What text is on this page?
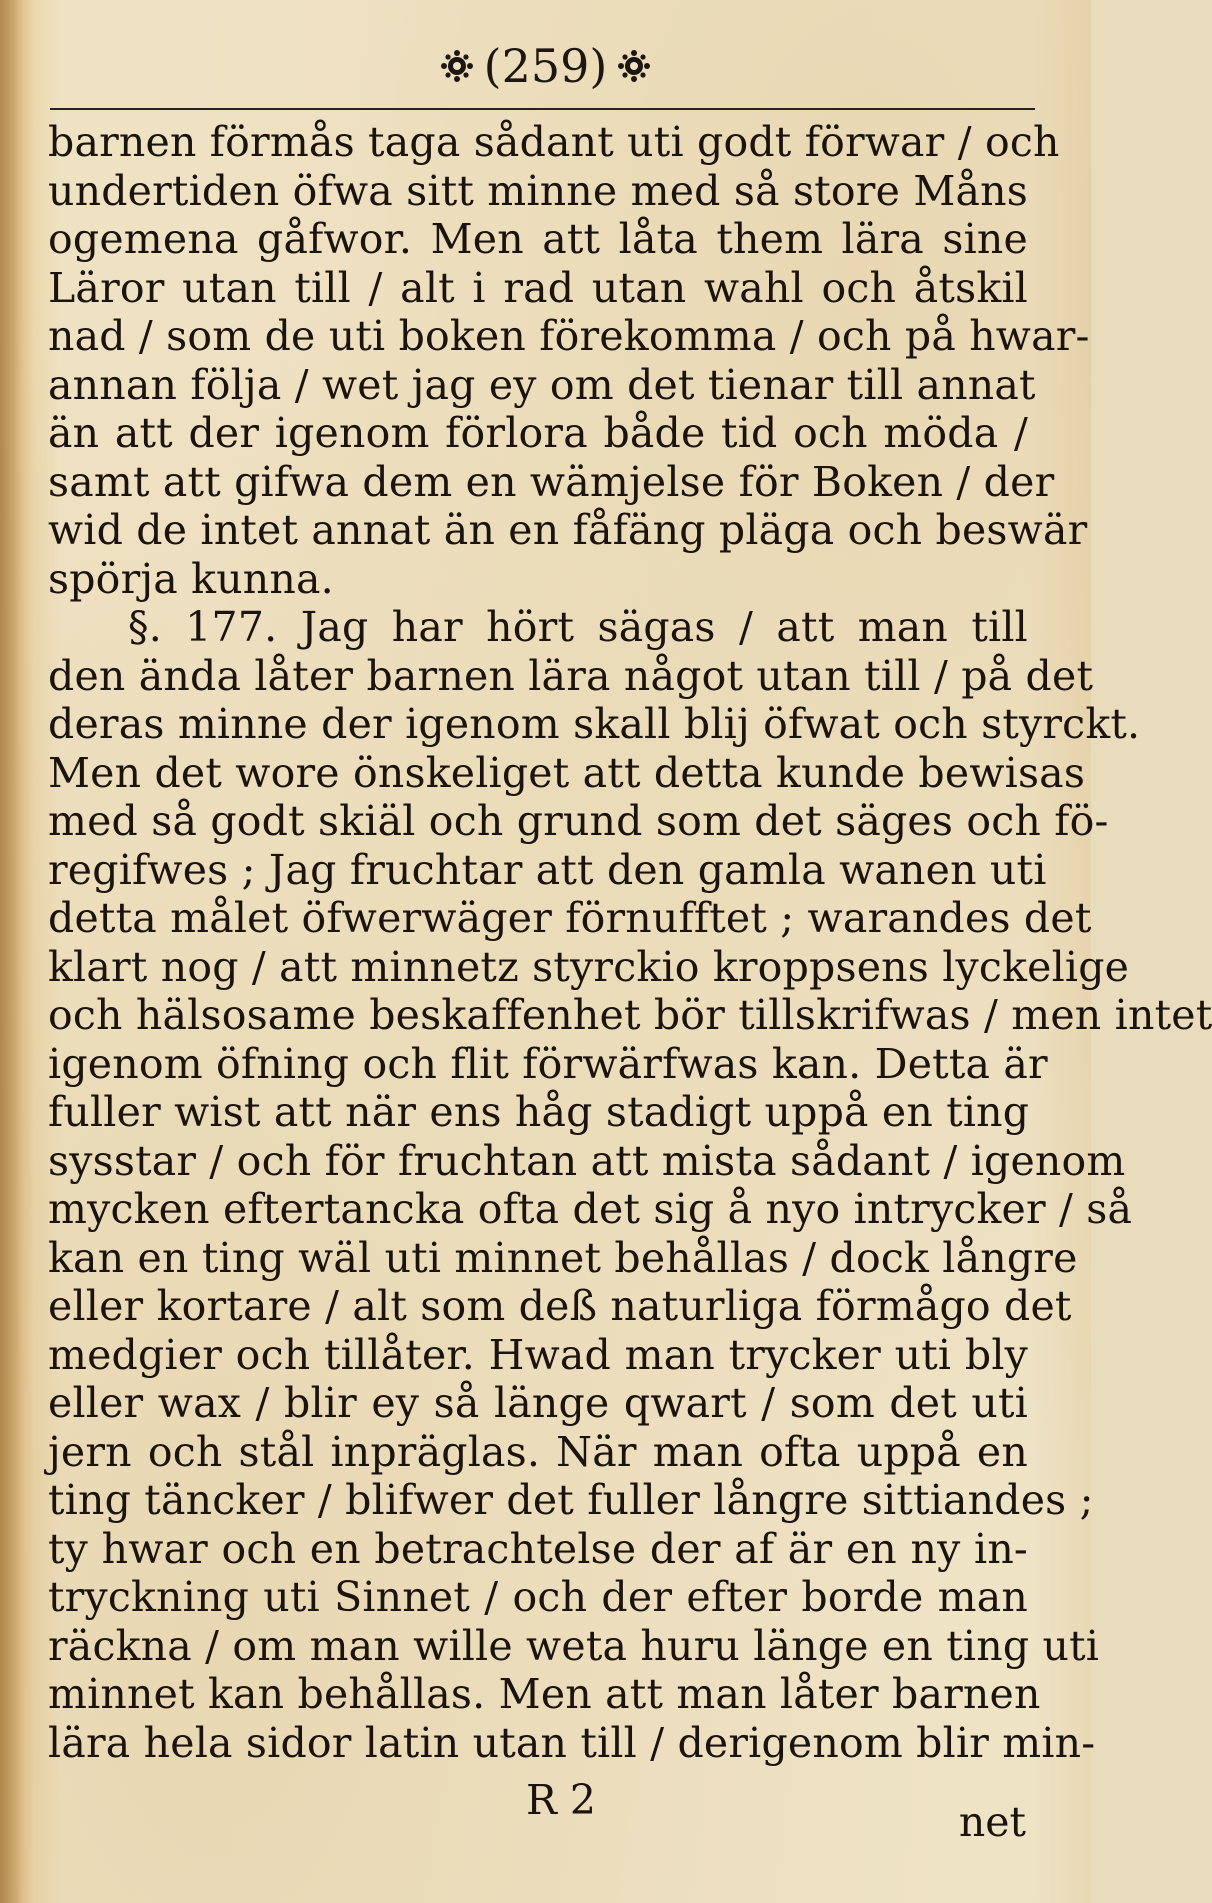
(259)
barnen förmås taga sådant uti godt förwar / och
undertiden öfwa sitt minne med så store Måns
ogemena gåfwor. Men att låta them lära sine
Läror utan till / alt i rad utan wahl och åtskil
nad / som de uti boken förekomma / och på hwar-
annan följa / wet jag ey om det tienar till annat
än att der igenom förlora både tid och möda /
samt att gifwa dem en wämjelse för Boken / der
wid de intet annat än en fåfäng pläga och beswär
spörja kunna.
§. 177. Jag har hört sägas / att man till
den ända låter barnen lära något utan till / på det
deras minne der igenom skall blij öfwat och styrckt.
Men det wore önskeliget att detta kunde bewisas
med så godt skiäl och grund som det säges och fö-
regifwes ; Jag fruchtar att den gamla wanen uti
detta målet öfwerwäger förnufftet ; warandes det
klart nog / att minnetz styrckio kroppsens lyckelige
och hälsosame beskaffenhet bör tillskrifwas / men intet
igenom öfning och flit förwärfwas kan. Detta är
fuller wist att när ens håg stadigt uppå en ting
sysstar / och för fruchtan att mista sådant / igenom
mycken eftertancka ofta det sig å nyo intrycker / så
kan en ting wäl uti minnet behållas / dock långre
eller kortare / alt som deß naturliga förmågo det
medgier och tillåter. Hwad man trycker uti bly
eller wax / blir ey så länge qwart / som det uti
jern och stål inpräglas. När man ofta uppå en
ting täncker / blifwer det fuller långre sittiandes ;
ty hwar och en betrachtelse der af är en ny in-
tryckning uti Sinnet / och der efter borde man
räckna / om man wille weta huru länge en ting uti
minnet kan behållas. Men att man låter barnen
lära hela sidor latin utan till / derigenom blir min-
R 2	net
